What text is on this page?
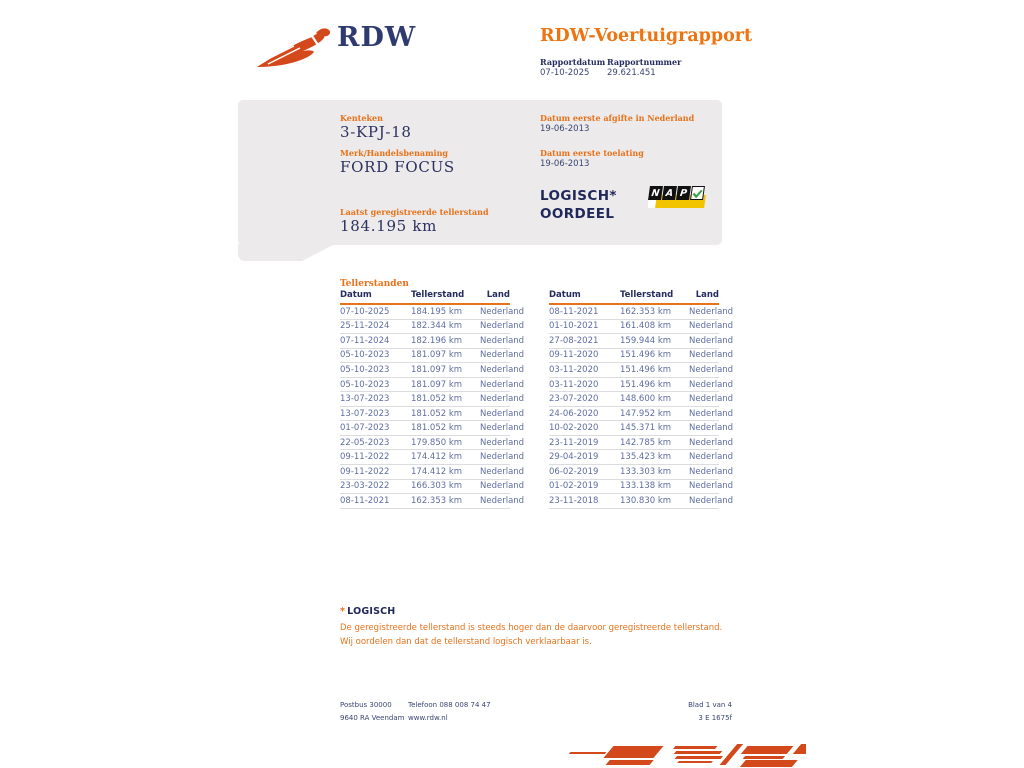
RDW	RDW-Voertuigrapport
Rapportdatum Rapportnummer
07-10-2025 29.621.451
Kenteken
3-KPJ-18
Merk/Handelsbenaming
FORD FOCUS
Laatst geregistreerde tellerstand
184.195 km
Datum eerste afgifte in Nederland
19-06-2013
Datum eerste toelating
19-06-2013
LOGISCH*
OORDEEL
N A P
Tellerstanden
Datum	Tellerstand	Land
07-10-2025	184.195 km	Nederland
25-11-2024	182.344 km	Nederland
07-11-2024	182.196 km	Nederland
05-10-2023	181.097 km	Nederland
05-10-2023	181.097 km	Nederland
05-10-2023	181.097 km	Nederland
13-07-2023	181.052 km	Nederland
13-07-2023	181.052 km	Nederland
01-07-2023	181.052 km	Nederland
22-05-2023	179.850 km	Nederland
09-11-2022	174.412 km	Nederland
09-11-2022	174.412 km	Nederland
23-03-2022	166.303 km	Nederland
08-11-2021	162.353 km	Nederland
Datum	Tellerstand	Land
08-11-2021	162.353 km	Nederland
01-10-2021	161.408 km	Nederland
27-08-2021	159.944 km	Nederland
09-11-2020	151.496 km	Nederland
03-11-2020	151.496 km	Nederland
03-11-2020	151.496 km	Nederland
23-07-2020	148.600 km	Nederland
24-06-2020	147.952 km	Nederland
10-02-2020	145.371 km	Nederland
23-11-2019	142.785 km	Nederland
29-04-2019	135.423 km	Nederland
06-02-2019	133.303 km	Nederland
01-02-2019	133.138 km	Nederland
23-11-2018	130.830 km	Nederland
* LOGISCH
De geregistreerde tellerstand is steeds hoger dan de daarvoor geregistreerde tellerstand. Wij oordelen dan dat de tellerstand logisch verklaarbaar is.
Postbus 30000
9640 RA Veendam
Telefoon 088 008 74 47
www.rdw.nl
Blad 1 van 4
3 E 1675f
